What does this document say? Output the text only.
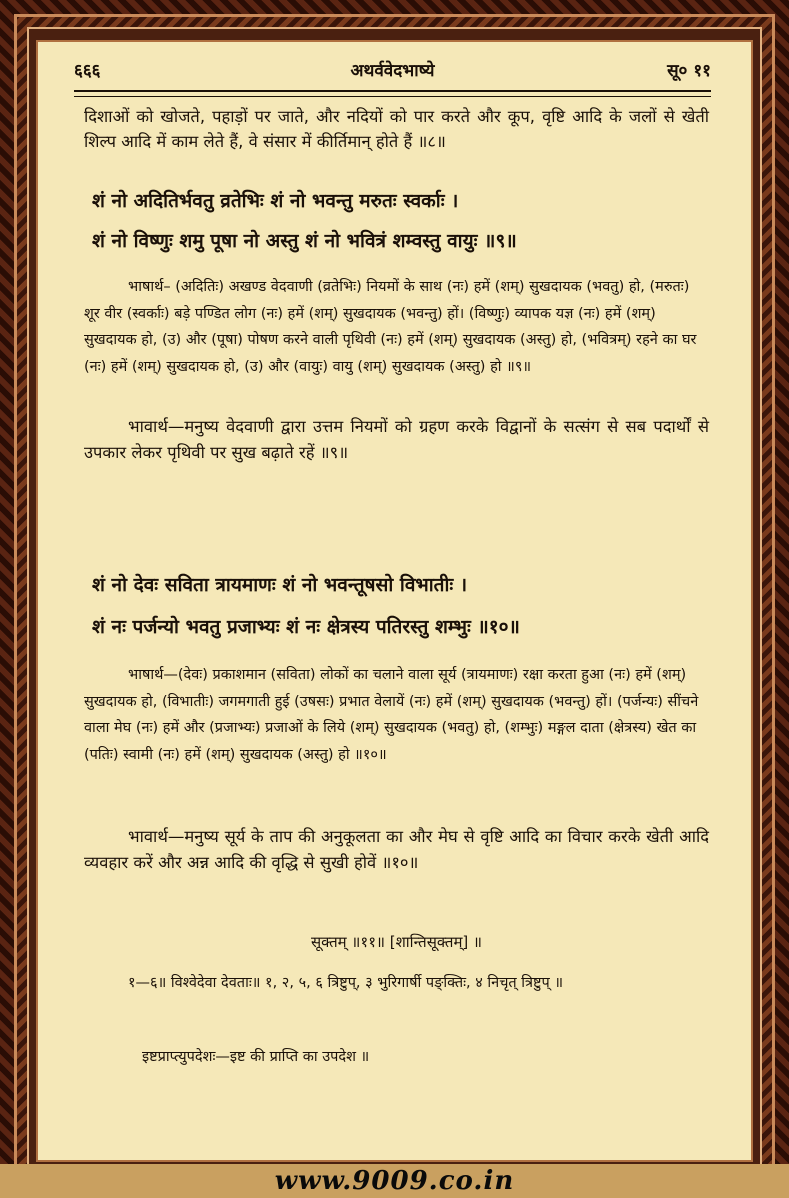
६६६	अथर्ववेदभाष्ये	सू० ११
दिशाओं को खोजते, पहाड़ों पर जाते, और नदियों को पार करते और कूप, वृष्टि आदि के जलों से खेती शिल्प आदि में काम लेते हैं, वे संसार में कीर्तिमान् होते हैं ॥८॥
शं नो अदितिर्भवतु व्रतेभिः शं नो भवन्तु मरुतः स्वर्काः ।
शं नो विष्णुः शमु पूषा नो अस्तु शं नो भवित्रं शम्वस्तु वायुः ॥९॥
भाषार्थ– (अदितिः) अखण्ड वेदवाणी (व्रतेभिः) नियमों के साथ (नः) हमें (शम्) सुखदायक (भवतु) हो, (मरुतः) शूर वीर (स्वर्काः) बड़े पण्डित लोग (नः) हमें (शम्) सुखदायक (भवन्तु) हों। (विष्णुः) व्यापक यज्ञ (नः) हमें (शम्) सुखदायक हो, (उ) और (पूषा) पोषण करने वाली पृथिवी (नः) हमें (शम्) सुखदायक (अस्तु) हो, (भवित्रम्) रहने का घर (नः) हमें (शम्) सुखदायक हो, (उ) और (वायुः) वायु (शम्) सुखदायक (अस्तु) हो ॥९॥
भावार्थ—मनुष्य वेदवाणी द्वारा उत्तम नियमों को ग्रहण करके विद्वानों के सत्संग से सब पदार्थों से उपकार लेकर पृथिवी पर सुख बढ़ाते रहें ॥९॥
शं नो देवः सविता त्रायमाणः शं नो भवन्तूषसो विभातीः ।
शं नः पर्जन्यो भवतु प्रजाभ्यः शं नः क्षेत्रस्य पतिरस्तु शम्भुः ॥१०॥
भाषार्थ—(देवः) प्रकाशमान (सविता) लोकों का चलाने वाला सूर्य (त्रायमाणः) रक्षा करता हुआ (नः) हमें (शम्) सुखदायक हो, (विभातीः) जगमगाती हुई (उषसः) प्रभात वेलायें (नः) हमें (शम्) सुखदायक (भवन्तु) हों। (पर्जन्यः) सींचने वाला मेघ (नः) हमें और (प्रजाभ्यः) प्रजाओं के लिये (शम्) सुखदायक (भवतु) हो, (शम्भुः) मङ्गल दाता (क्षेत्रस्य) खेत का (पतिः) स्वामी (नः) हमें (शम्) सुखदायक (अस्तु) हो ॥१०॥
भावार्थ—मनुष्य सूर्य के ताप की अनुकूलता का और मेघ से वृष्टि आदि का विचार करके खेती आदि व्यवहार करें और अन्न आदि की वृद्धि से सुखी होवें ॥१०॥
सूक्तम् ॥११॥ [शान्तिसूक्तम्] ॥
१—६॥ विश्वेदेवा देवताः॥ १, २, ५, ६ त्रिष्टुप्, ३ भुरिगार्षी पङ्क्तिः, ४ निचृत् त्रिष्टुप् ॥
इष्टप्राप्त्युपदेशः—इष्ट की प्राप्ति का उपदेश ॥
www.9009.co.in
